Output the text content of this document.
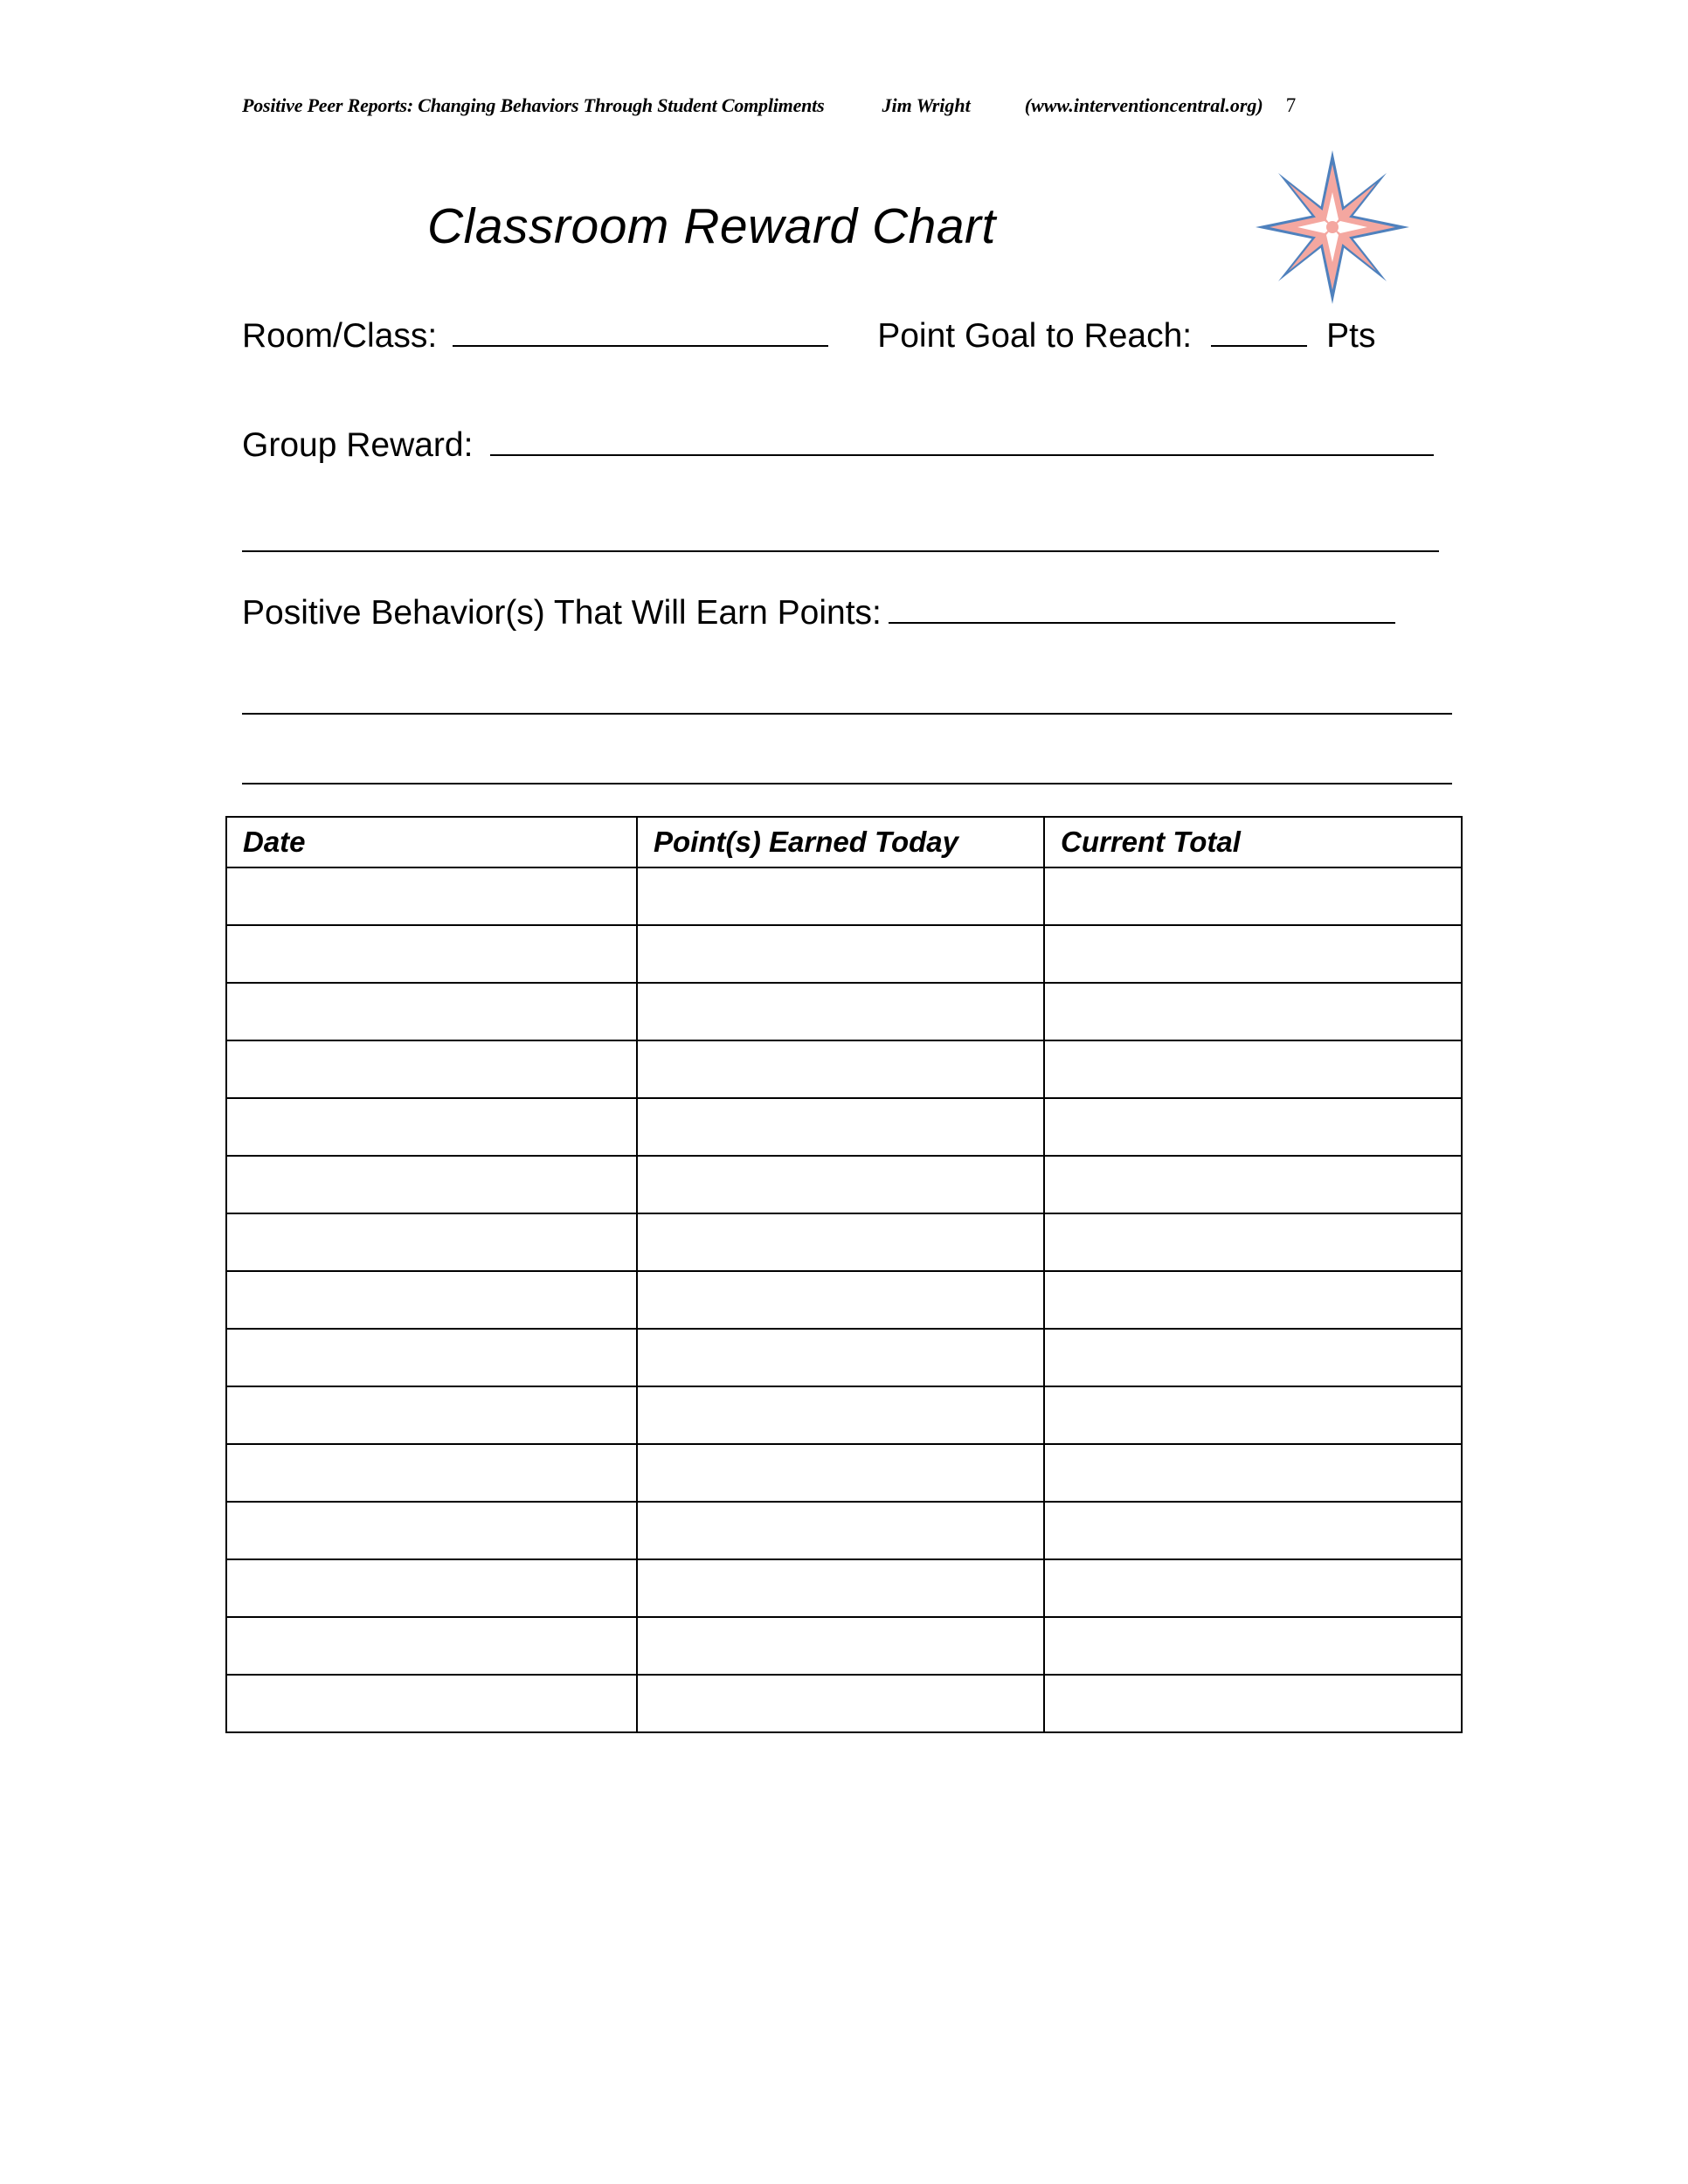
Positive Peer Reports: Changing Behaviors Through Student Compliments	Jim Wright	(www.interventioncentral.org) 7
Classroom Reward Chart
Room/Class:	Point Goal to Reach:	Pts
Group Reward:
Positive Behavior(s) That Will Earn Points:
Date	Point(s) Earned Today	Current Total
